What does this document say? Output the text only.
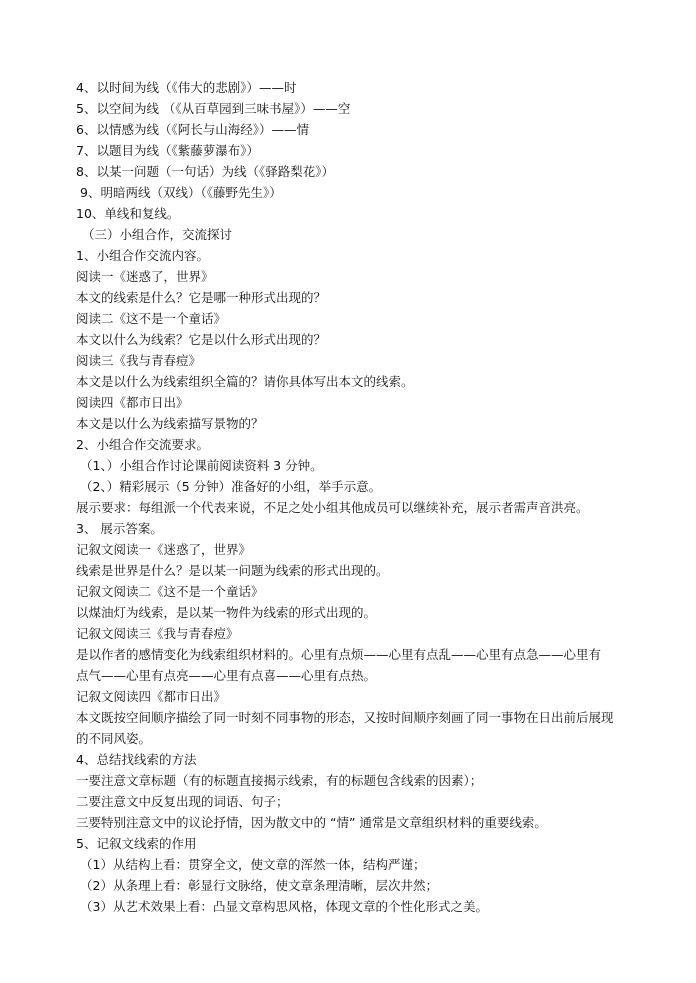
4、以时间为线（《伟大的悲剧》）——时
5、以空间为线 （《从百草园到三味书屋》）——空
6、以情感为线（《阿长与山海经》）——情
7、以题目为线（《紫藤萝瀑布》）
8、以某一问题（一句话）为线（《驿路梨花》）
9、明暗两线（双线）（《藤野先生》）
10、单线和复线。
（三）小组合作，交流探讨
1、小组合作交流内容。
阅读一《迷惑了，世界》
本文的线索是什么？它是哪一种形式出现的？
阅读二《这不是一个童话》
本文以什么为线索？它是以什么形式出现的？
阅读三《我与青春痘》
本文是以什么为线索组织全篇的？请你具体写出本文的线索。
阅读四《都市日出》
本文是以什么为线索描写景物的？
2、小组合作交流要求。
（1、）小组合作讨论课前阅读资料 3 分钟。
（2、）精彩展示（5 分钟）准备好的小组，举手示意。
展示要求：每组派一个代表来说，不足之处小组其他成员可以继续补充，展示者需声音洪亮。
3、 展示答案。
记叙文阅读一《迷惑了，世界》
线索是世界是什么？是以某一问题为线索的形式出现的。
记叙文阅读二《这不是一个童话》
以煤油灯为线索，是以某一物件为线索的形式出现的。
记叙文阅读三《我与青春痘》
是以作者的感情变化为线索组织材料的。心里有点烦——心里有点乱——心里有点急——心里有
点气——心里有点亮——心里有点喜——心里有点热。
记叙文阅读四《都市日出》
本文既按空间顺序描绘了同一时刻不同事物的形态，又按时间顺序刻画了同一事物在日出前后展现
的不同风姿。
4、总结找线索的方法
一要注意文章标题（有的标题直接揭示线索，有的标题包含线索的因素）；
二要注意文中反复出现的词语、句子；
三要特别注意文中的议论抒情，因为散文中的 “情” 通常是文章组织材料的重要线索。
5、记叙文线索的作用
（1）从结构上看：贯穿全文，使文章的浑然一体，结构严谨；
（2）从条理上看：彰显行文脉络，使文章条理清晰，层次井然；
（3）从艺术效果上看：凸显文章构思风格，体现文章的个性化形式之美。
